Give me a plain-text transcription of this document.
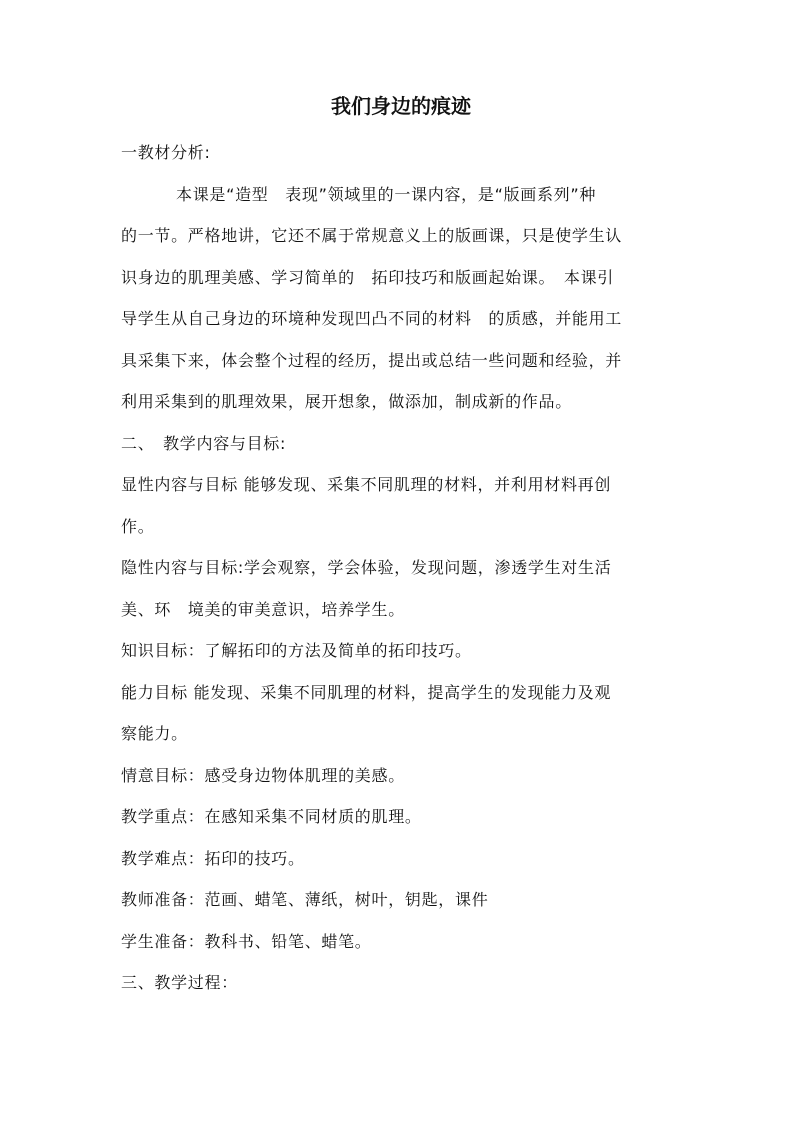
我们身边的痕迹
一教材分析:
本课是“造型　表现”领域里的一课内容，是“版画系列”种
的一节。严格地讲，它还不属于常规意义上的版画课，只是使学生认
识身边的肌理美感、学习简单的　拓印技巧和版画起始课。　本课引
导学生从自己身边的环境种发现凹凸不同的材料　的质感，并能用工
具采集下来，体会整个过程的经历，提出或总结一些问题和经验，并
利用采集到的肌理效果，展开想象，做添加，制成新的作品。
二、　教学内容与目标:
显性内容与目标 能够发现、采集不同肌理的材料，并利用材料再创
作。
隐性内容与目标:学会观察，学会体验，发现问题，渗透学生对生活
美、环　境美的审美意识，培养学生。
知识目标：了解拓印的方法及简单的拓印技巧。
能力目标 能发现、采集不同肌理的材料，提高学生的发现能力及观
察能力。
情意目标：感受身边物体肌理的美感。
教学重点：在感知采集不同材质的肌理。
教学难点：拓印的技巧。
教师准备：范画、蜡笔、薄纸，树叶，钥匙，课件
学生准备：教科书、铅笔、蜡笔。
三、教学过程：
